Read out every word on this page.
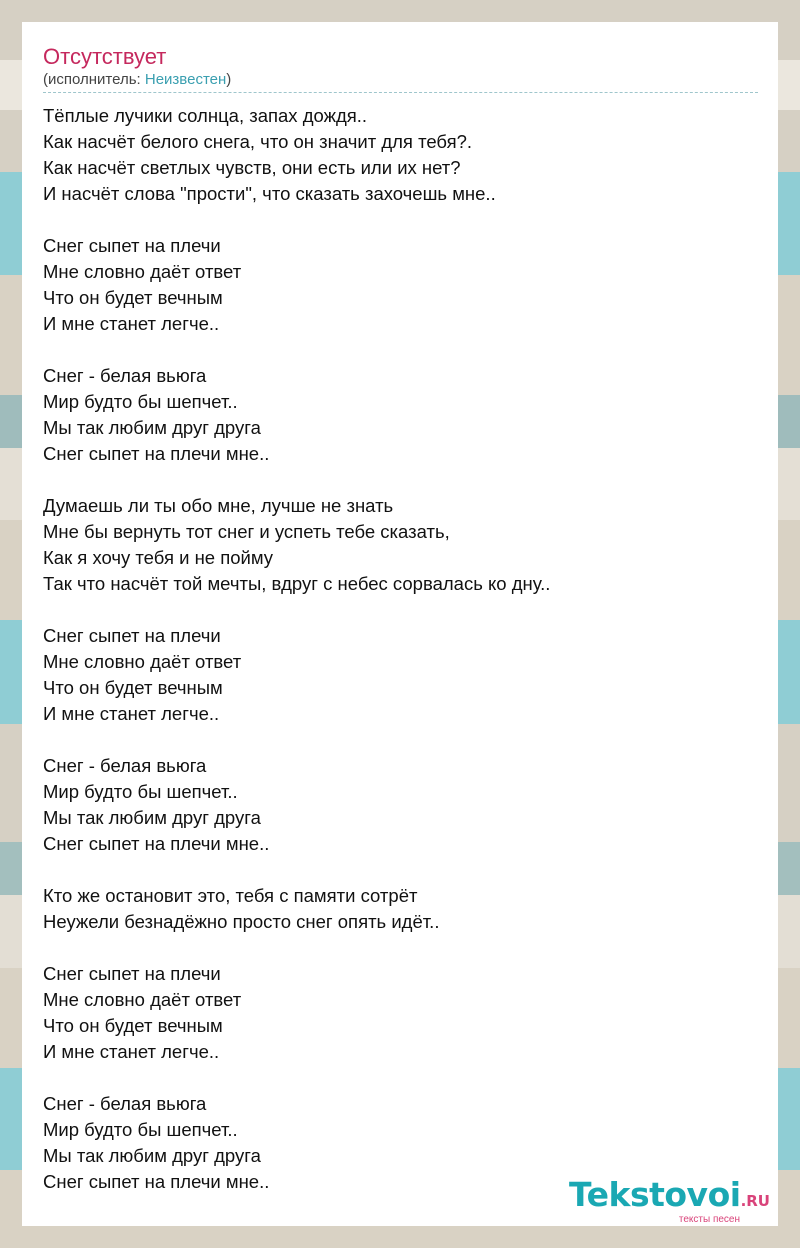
Отсутствует
(исполнитель: Неизвестен)
Тёплые лучики солнца, запах дождя..
Как насчёт белого снега, что он значит для тебя?.
Как насчёт светлых чувств, они есть или их нет?
И насчёт слова "прости", что сказать захочешь мне..
Снег сыпет на плечи
Мне словно даёт ответ
Что он будет вечным
И мне станет легче..
Снег - белая вьюга
Мир будто бы шепчет..
Мы так любим друг друга
Снег сыпет на плечи мне..
Думаешь ли ты обо мне, лучше не знать
Мне бы вернуть тот снег и успеть тебе сказать,
Как я хочу тебя и не пойму
Так что насчёт той мечты, вдруг с небес сорвалась ко дну..
Снег сыпет на плечи
Мне словно даёт ответ
Что он будет вечным
И мне станет легче..
Снег - белая вьюга
Мир будто бы шепчет..
Мы так любим друг друга
Снег сыпет на плечи мне..
Кто же остановит это, тебя с памяти сотрёт
Неужели безнадёжно просто снег опять идёт..
Снег сыпет на плечи
Мне словно даёт ответ
Что он будет вечным
И мне станет легче..
Снег - белая вьюга
Мир будто бы шепчет..
Мы так любим друг друга
Снег сыпет на плечи мне..	Tekstovoi.RU
тексты песен
